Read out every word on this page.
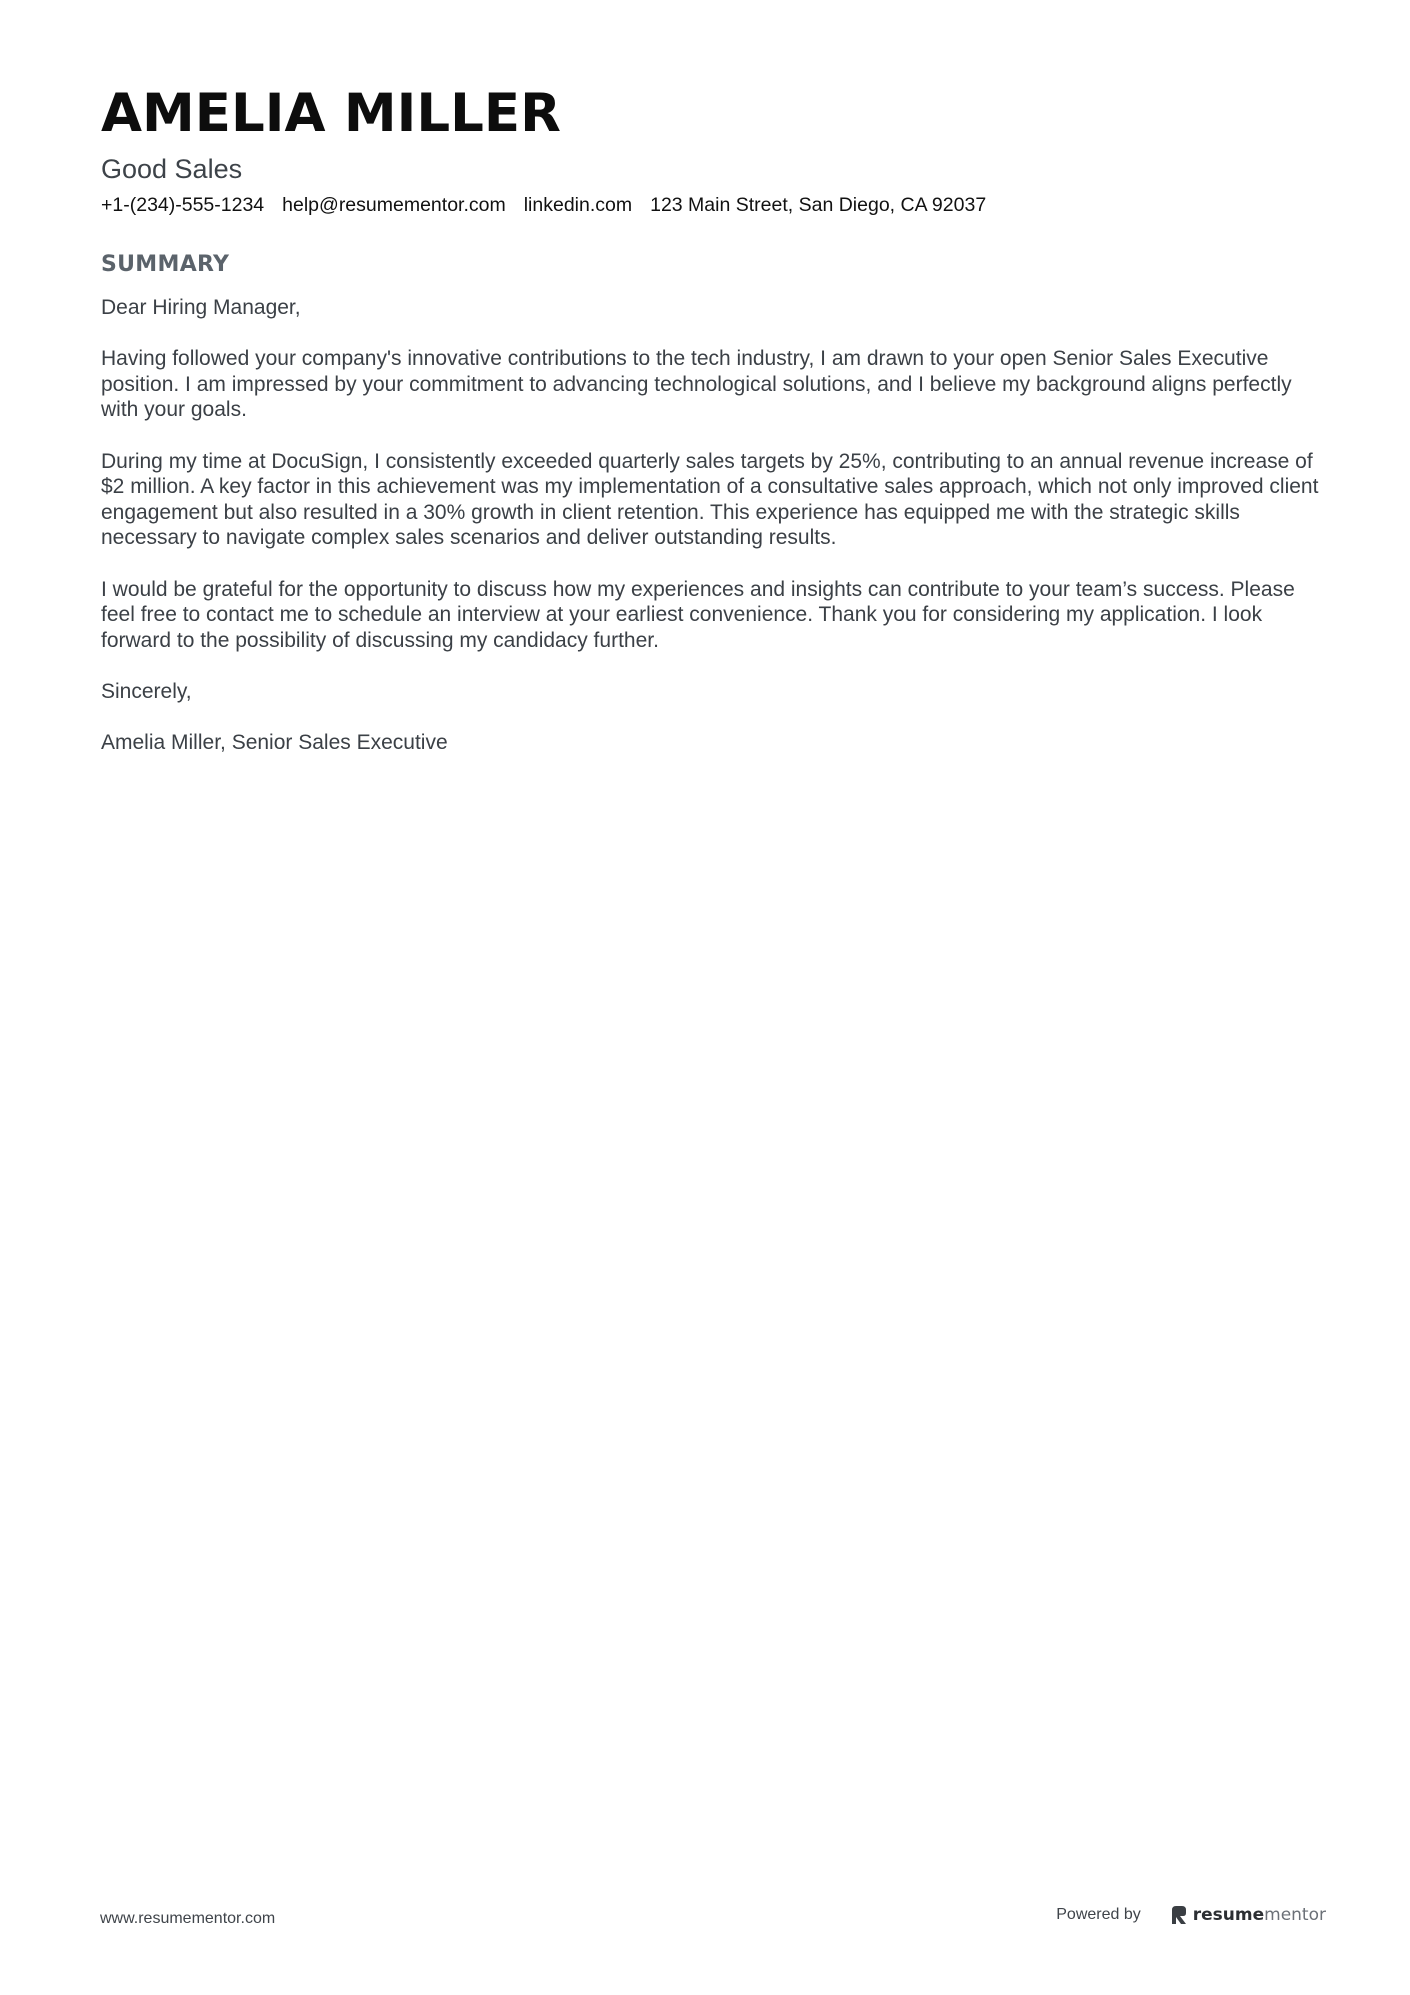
AMELIA MILLER
Good Sales
+1-(234)-555-1234 help@resumementor.com linkedin.com 123 Main Street, San Diego, CA 92037
SUMMARY

Dear Hiring Manager,

Having followed your company's innovative contributions to the tech industry, I am drawn to your open Senior Sales Executive position. I am impressed by your commitment to advancing technological solutions, and I believe my background aligns perfectly with your goals.

During my time at DocuSign, I consistently exceeded quarterly sales targets by 25%, contributing to an annual revenue increase of $2 million. A key factor in this achievement was my implementation of a consultative sales approach, which not only improved client engagement but also resulted in a 30% growth in client retention. This experience has equipped me with the strategic skills necessary to navigate complex sales scenarios and deliver outstanding results.

I would be grateful for the opportunity to discuss how my experiences and insights can contribute to your team’s success. Please feel free to contact me to schedule an interview at your earliest convenience. Thank you for considering my application. I look forward to the possibility of discussing my candidacy further.

Sincerely,

Amelia Miller, Senior Sales Executive

www.resumementor.com	Powered by	resumementor
